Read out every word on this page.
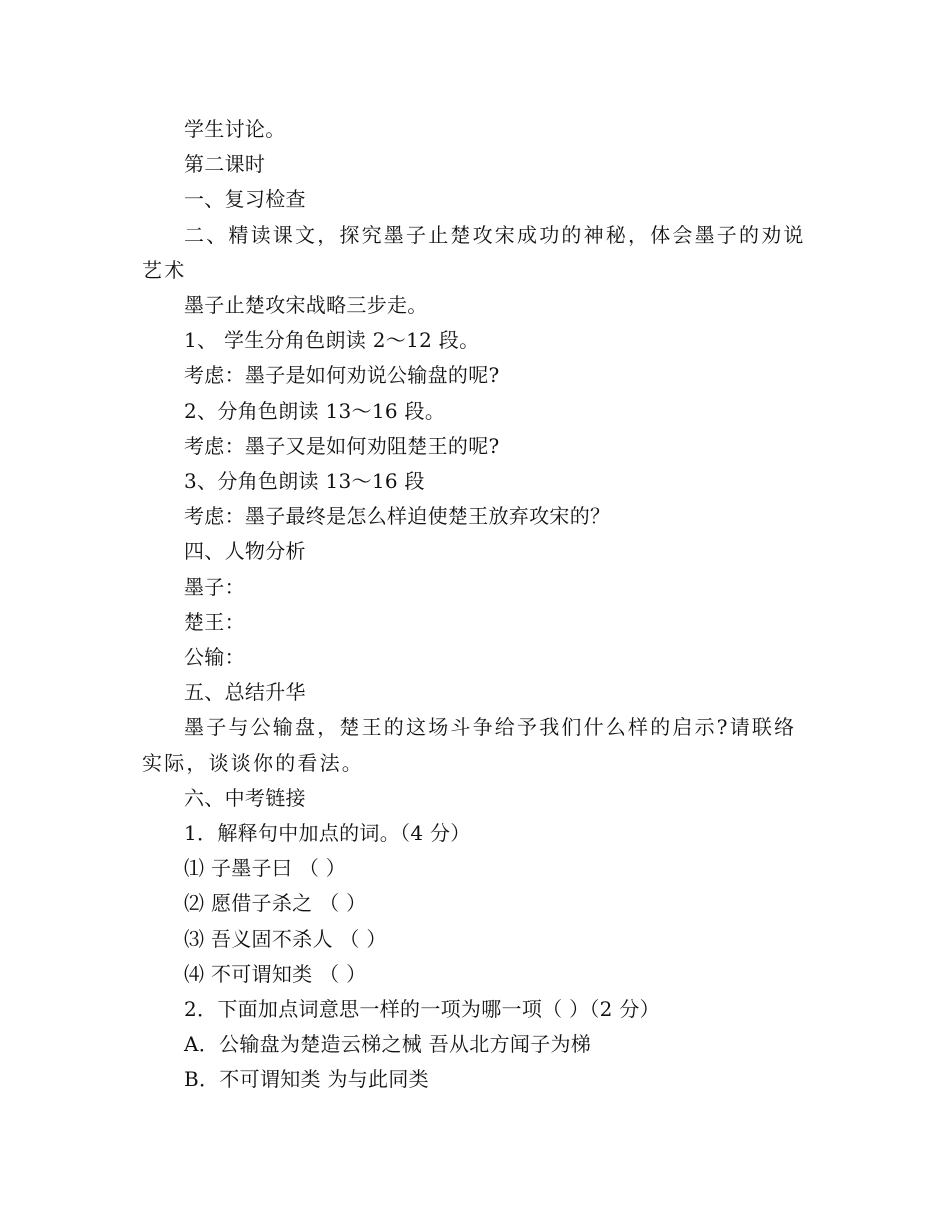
学生讨论。
第二课时
一、复习检查
二、精读课文，探究墨子止楚攻宋成功的神秘，体会墨子的劝说艺术
墨子止楚攻宋战略三步走。
1、 学生分角色朗读 2～12 段。
考虑：墨子是如何劝说公输盘的呢?
2、分角色朗读 13～16 段。
考虑：墨子又是如何劝阻楚王的呢?
3、分角色朗读 13～16 段
考虑：墨子最终是怎么样迫使楚王放弃攻宋的？
四、人物分析
墨子：
楚王：
公输：
五、总结升华
墨子与公输盘，楚王的这场斗争给予我们什么样的启示?请联络实际，谈谈你的看法。
六、中考链接
1．解释句中加点的词。（4 分）
⑴ 子墨子曰 （ ）
⑵ 愿借子杀之 （ ）
⑶ 吾义固不杀人 （ ）
⑷ 不可谓知类 （ ）
2．下面加点词意思一样的一项为哪一项（ ）（2 分）
A．公输盘为楚造云梯之械 吾从北方闻子为梯
B．不可谓知类 为与此同类
